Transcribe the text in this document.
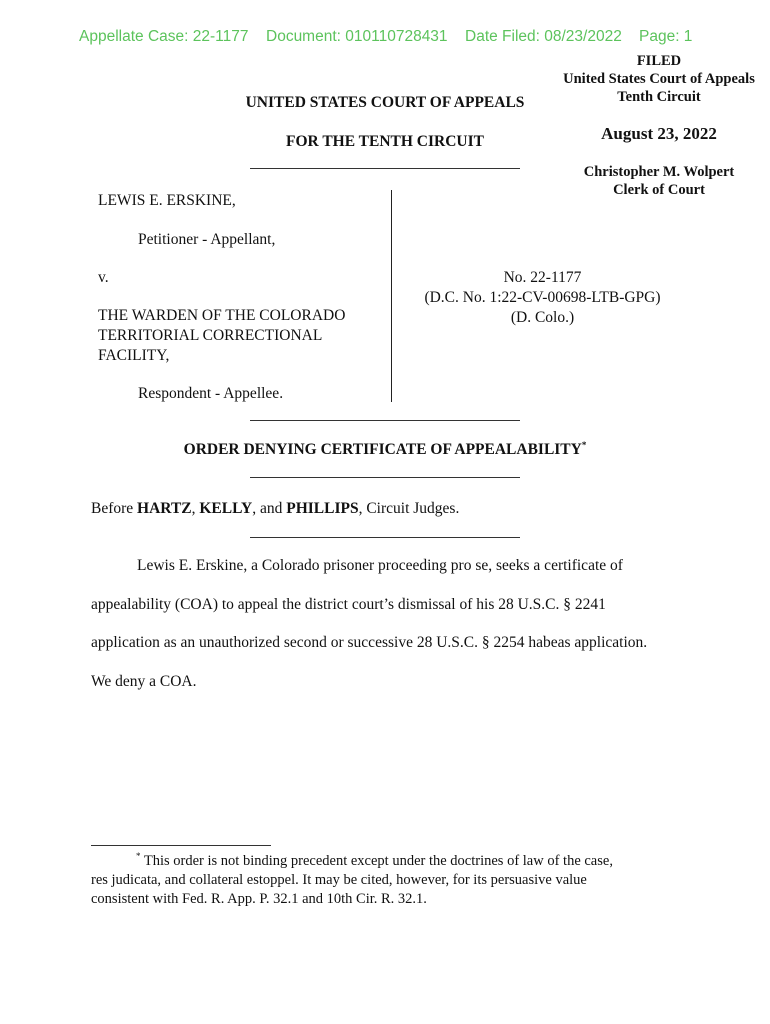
Appellate Case: 22-1177 Document: 010110728431 Date Filed: 08/23/2022 Page: 1
FILED
United States Court of Appeals
Tenth Circuit
August 23, 2022
Christopher M. Wolpert
Clerk of Court
UNITED STATES COURT OF APPEALS
FOR THE TENTH CIRCUIT
LEWIS E. ERSKINE,
Petitioner - Appellant,
v.
THE WARDEN OF THE COLORADO
TERRITORIAL CORRECTIONAL
FACILITY,
Respondent - Appellee.
No. 22-1177
(D.C. No. 1:22-CV-00698-LTB-GPG)
(D. Colo.)
ORDER DENYING CERTIFICATE OF APPEALABILITY*
Before HARTZ, KELLY, and PHILLIPS, Circuit Judges.
Lewis E. Erskine, a Colorado prisoner proceeding pro se, seeks a certificate of
appealability (COA) to appeal the district court’s dismissal of his 28 U.S.C. § 2241
application as an unauthorized second or successive 28 U.S.C. § 2254 habeas application.
We deny a COA.
* This order is not binding precedent except under the doctrines of law of the case,
res judicata, and collateral estoppel. It may be cited, however, for its persuasive value
consistent with Fed. R. App. P. 32.1 and 10th Cir. R. 32.1.
